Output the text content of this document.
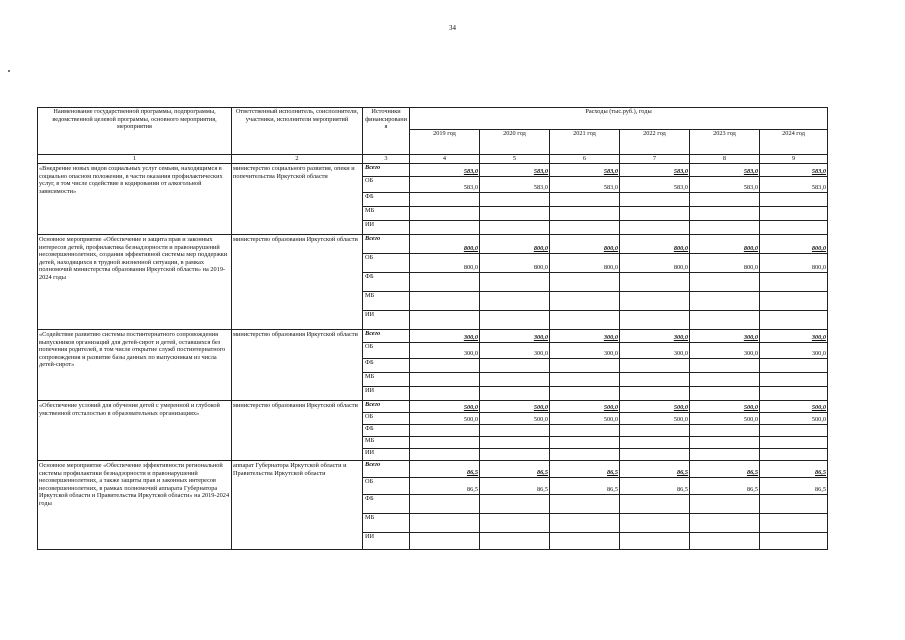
34
Наименование государственной программы, подпрограммы, ведомственной целевой программы, основного мероприятия, мероприятия	Ответственный исполнитель, соисполнители, участники, исполнители мероприятий	Источники финансировани я	Расходы (тыс.руб.), годы					
			2019 год	2020 год	2021 год	2022 год	2023 год	2024 год
1	2	3	4	5	6	7	8	9
«Внедрение новых видов социальных услуг семьям, находящимся в социально опасном положении, в части оказания профилактических услуг, в том числе содействие в кодировании от алкогольной зависимости»	министерство социального развития, опеки и попечительства Иркутской области	Всего	583,0	583,0	583,0	583,0	583,0	583,0
		ОБ	583,0	583,0	583,0	583,0	583,0	583,0
		ФБ						
		МБ						
		ИИ						
Основное мероприятие «Обеспечение и защита прав и законных интересов детей, профилактика безнадзорности и правонарушений несовершеннолетних, создания эффективной системы мер поддержки детей, находящихся в трудной жизненной ситуации, в рамках полномочий министерства образования Иркутской области» на 2019-2024 годы	министерство образования Иркутской области	Всего	800,0	800,0	800,0	800,0	800,0	800,0
		ОБ	800,0	800,0	800,0	800,0	800,0	800,0
		ФБ						
		МБ						
		ИИ						
«Содействие развитию системы постинтернатного сопровождения выпускников организаций для детей-сирот и детей, оставшихся без попечения родителей, в том числе открытие служб постинтернатного сопровождения и развитие базы данных по выпускникам из числа детей-сирот»	министерство образования Иркутской области	Всего	300,0	300,0	300,0	300,0	300,0	300,0
		ОБ	300,0	300,0	300,0	300,0	300,0	300,0
		ФБ						
		МБ						
		ИИ						
«Обеспечение условий для обучения детей с умеренной и глубокой умственной отсталостью в образовательных организациях»	министерство образования Иркутской области	Всего	500,0	500,0	500,0	500,0	500,0	500,0
		ОБ	500,0	500,0	500,0	500,0	500,0	500,0
		ФБ						
		МБ						
		ИИ						
Основное мероприятие «Обеспечение эффективности региональной системы профилактики безнадзорности и правонарушений несовершеннолетних, а также защиты прав и законных интересов несовершеннолетних, в рамках полномочий аппарата Губернатора Иркутской области и Правительства Иркутской области» на 2019-2024 годы	аппарат Губернатора Иркутской области и Правительства Иркутской области	Всего	86,5	86,5	86,5	86,5	86,5	86,5
		ОБ	86,5	86,5	86,5	86,5	86,5	86,5
		ФБ						
		МБ						
		ИИ						
